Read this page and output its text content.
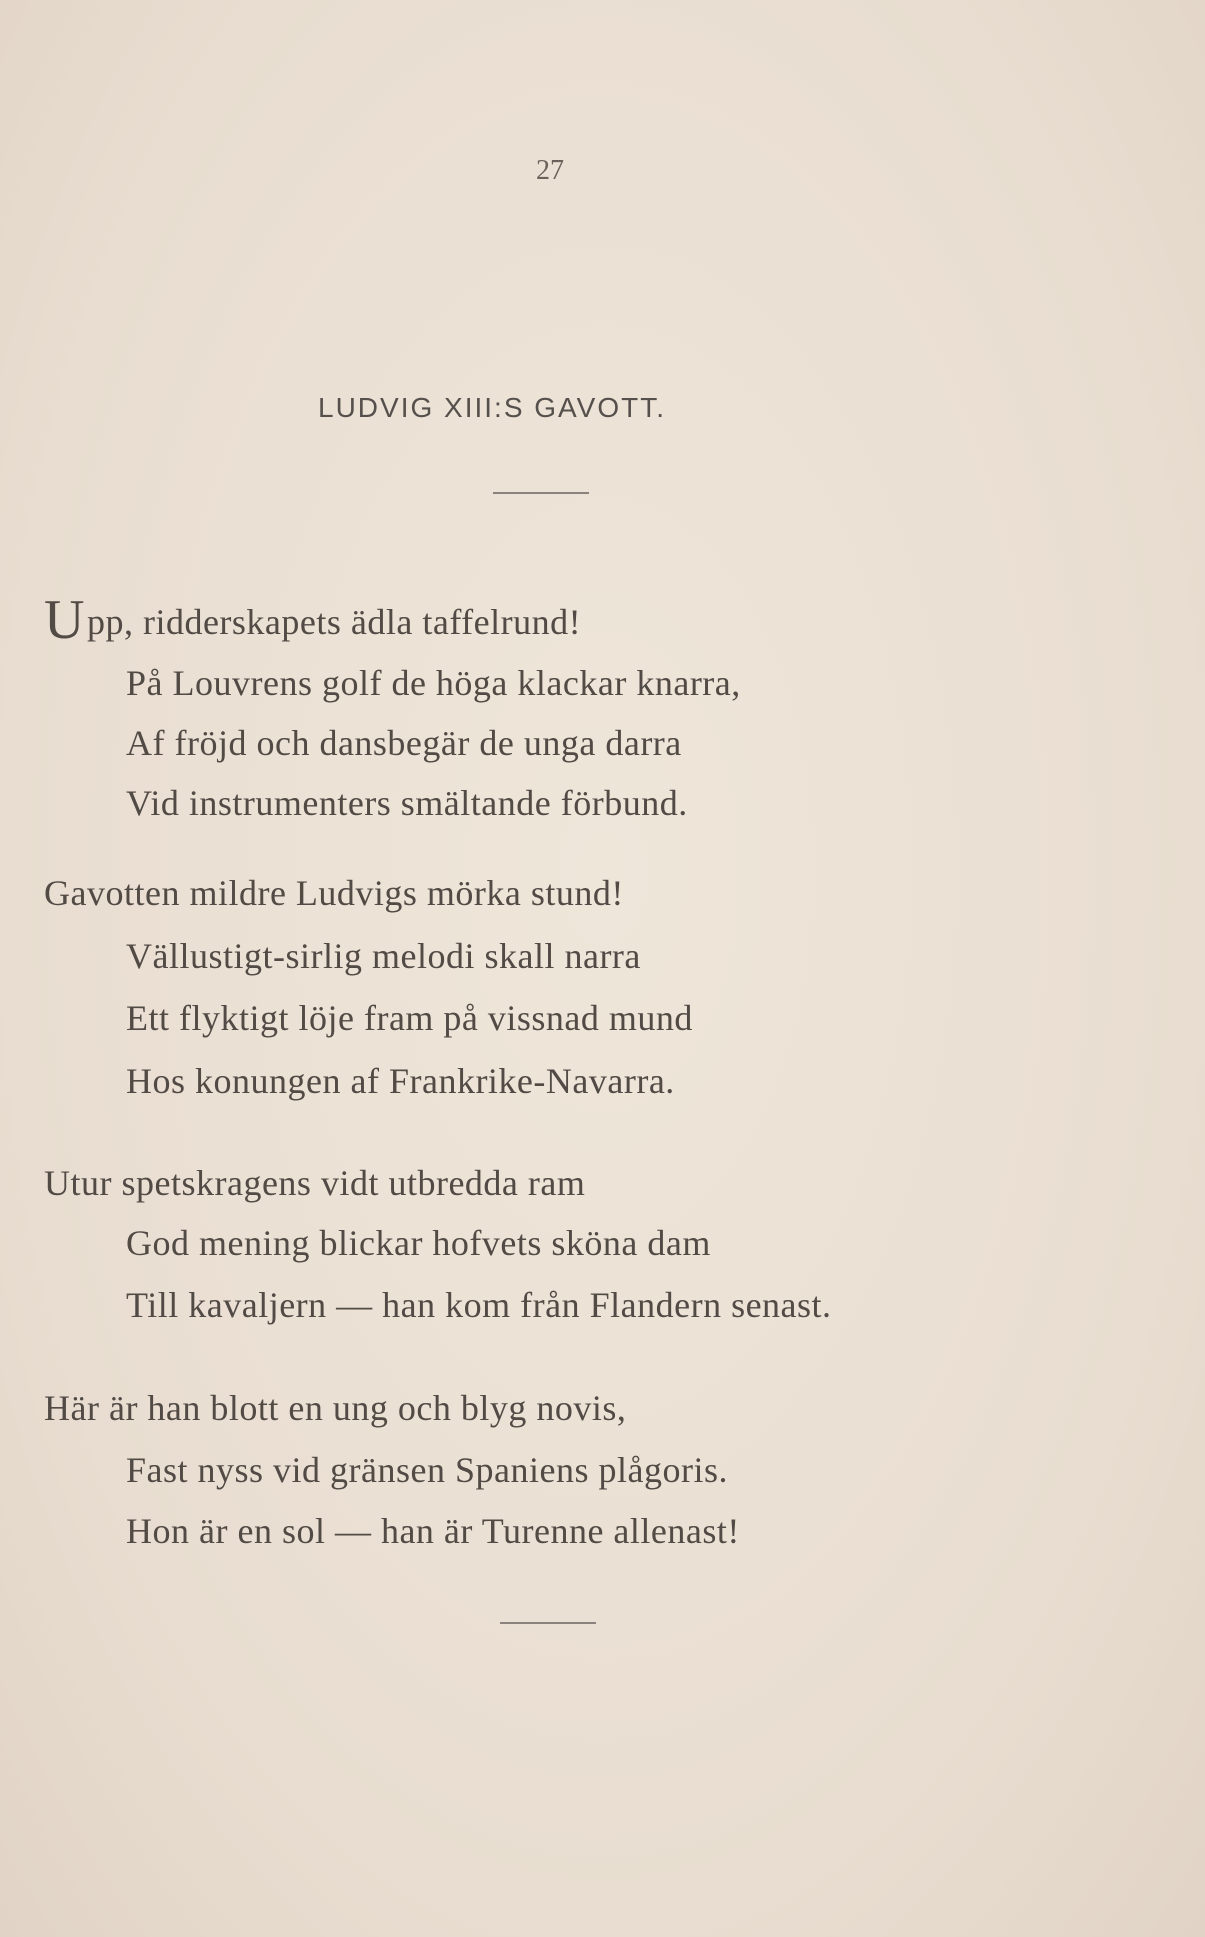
27
LUDVIG XIII:S GAVOTT.
Upp, ridderskapets ädla taffelrund!
På Louvrens golf de höga klackar knarra,
Af fröjd och dansbegär de unga darra
Vid instrumenters smältande förbund.
Gavotten mildre Ludvigs mörka stund!
Vällustigt-sirlig melodi skall narra
Ett flyktigt löje fram på vissnad mund
Hos konungen af Frankrike-Navarra.
Utur spetskragens vidt utbredda ram
God mening blickar hofvets sköna dam
Till kavaljern — han kom från Flandern senast.
Här är han blott en ung och blyg novis,
Fast nyss vid gränsen Spaniens plågoris.
Hon är en sol — han är Turenne allenast!
